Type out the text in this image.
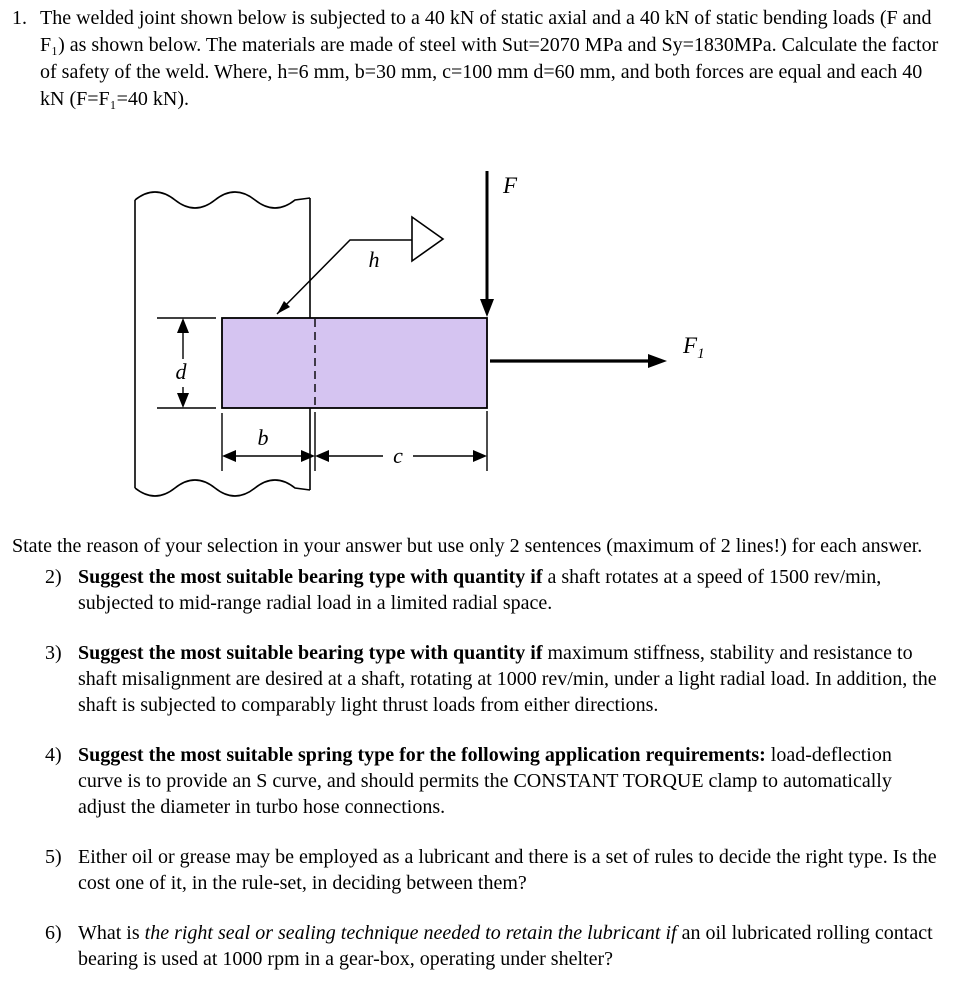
1. The welded joint shown below is subjected to a 40 kN of static axial and a 40 kN of static bending loads (F and F₁) as shown below. The materials are made of steel with Sut=2070 MPa and Sy=1830MPa. Calculate the factor of safety of the weld. Where, h=6 mm, b=30 mm, c=100 mm d=60 mm, and both forces are equal and each 40 kN (F=F₁=40 kN).
F
$F_1$
h
d
b
c

State the reason of your selection in your answer but use only 2 sentences (maximum of 2 lines!) for each answer.

2) Suggest the most suitable bearing type with quantity if a shaft rotates at a speed of 1500 rev/min, subjected to mid-range radial load in a limited radial space.
3) Suggest the most suitable bearing type with quantity if maximum stiffness, stability and resistance to shaft misalignment are desired at a shaft, rotating at 1000 rev/min, under a light radial load. In addition, the shaft is subjected to comparably light thrust loads from either directions.
4) Suggest the most suitable spring type for the following application requirements: load-deflection curve is to provide an S curve, and should permits the CONSTANT TORQUE clamp to automatically adjust the diameter in turbo hose connections.
5) Either oil or grease may be employed as a lubricant and there is a set of rules to decide the right type. Is the cost one of it, in the rule-set, in deciding between them?
6) What is the right seal or sealing technique needed to retain the lubricant if an oil lubricated rolling contact bearing is used at 1000 rpm in a gear-box, operating under shelter?
